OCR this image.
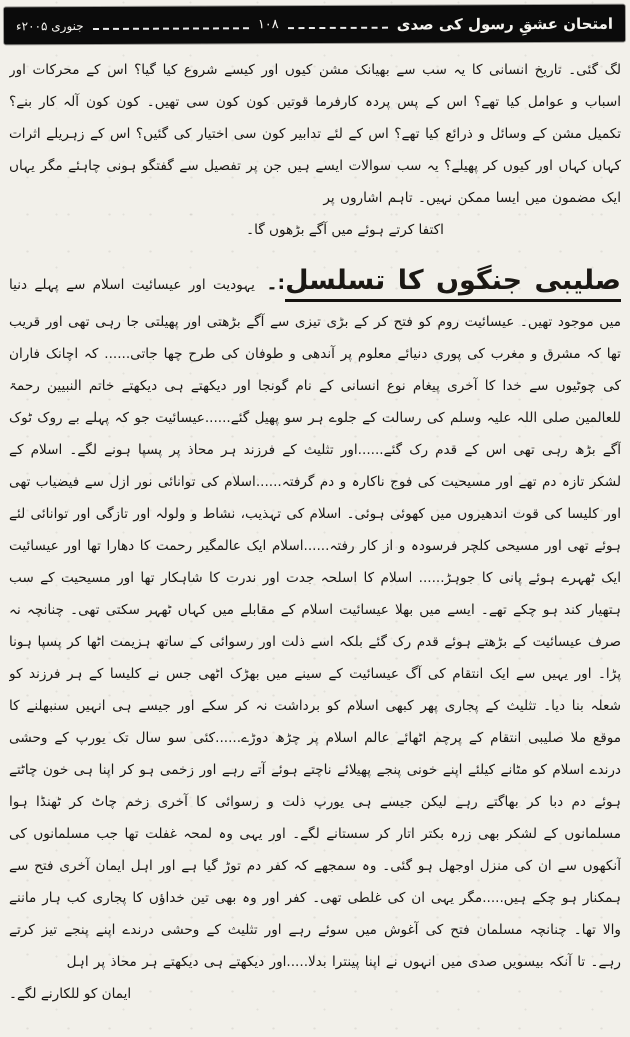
امتحان عشقِ رسول کی صدی
۱۰۸
جنوری ۲۰۰۵ء
لگ گئی۔ تاریخ انسانی کا یہ سب سے بھیانک مشن کیوں اور کیسے شروع کیا گیا؟ اس کے محرکات اور اسباب و عوامل کیا تھے؟ اس کے پس پردہ کارفرما قوتیں کون کون سی تھیں۔ کون کون آلہ کار بنے؟ تکمیل مشن کے وسائل و ذرائع کیا تھے؟ اس کے لئے تدابیر کون سی اختیار کی گئیں؟ اس کے زہریلے اثرات کہاں کہاں اور کیوں کر پھیلے؟ یہ سب سوالات ایسے ہیں جن پر تفصیل سے گفتگو ہونی چاہئے مگر یہاں ایک مضمون میں ایسا ممکن نہیں۔ تاہم اشاروں پر
اکتفا کرتے ہوئے میں آگے بڑھوں گا۔
صلیبی جنگوں کا تسلسل:۔ یہودیت اور عیسائیت اسلام سے پہلے دنیا میں موجود تھیں۔ عیسائیت روم کو فتح کر کے بڑی تیزی سے آگے بڑھتی اور پھیلتی جا رہی تھی اور قریب تھا کہ مشرق و مغرب کی پوری دنیائے معلوم پر آندھی و طوفان کی طرح چھا جاتی...... کہ اچانک فاران کی چوٹیوں سے خدا کا آخری پیغام نوع انسانی کے نام گونجا اور دیکھتے ہی دیکھتے خاتم النبیین رحمۃ للعالمین صلی اللہ علیہ وسلم کی رسالت کے جلوے ہر سو پھیل گئے......عیسائیت جو کہ پہلے بے روک ٹوک آگے بڑھ رہی تھی اس کے قدم رک گئے......اور تثلیث کے فرزند ہر محاذ پر پسپا ہونے لگے۔ اسلام کے لشکر تازہ دم تھے اور مسیحیت کی فوج ناکارہ و دم گرفتہ......اسلام کی توانائی نور ازل سے فیضیاب تھی اور کلیسا کی قوت اندھیروں میں کھوئی ہوئی۔ اسلام کی تہذیب، نشاط و ولولہ اور تازگی اور توانائی لئے ہوئے تھی اور مسیحی کلچر فرسودہ و از کار رفتہ......اسلام ایک عالمگیر رحمت کا دھارا تھا اور عیسائیت ایک ٹھہرے ہوئے پانی کا جوہڑ...... اسلام کا اسلحہ جدت اور ندرت کا شاہکار تھا اور مسیحیت کے سب ہتھیار کند ہو چکے تھے۔ ایسے میں بھلا عیسائیت اسلام کے مقابلے میں کہاں ٹھہر سکتی تھی۔ چنانچہ نہ صرف عیسائیت کے بڑھتے ہوئے قدم رک گئے بلکہ اسے ذلت اور رسوائی کے ساتھ ہزیمت اٹھا کر پسپا ہونا پڑا۔ اور یہیں سے ایک انتقام کی آگ عیسائیت کے سینے میں بھڑک اٹھی جس نے کلیسا کے ہر فرزند کو شعلہ بنا دیا۔ تثلیث کے پجاری پھر کبھی اسلام کو برداشت نہ کر سکے اور جیسے ہی انہیں سنبھلنے کا موقع ملا صلیبی انتقام کے پرچم اٹھائے عالم اسلام پر چڑھ دوڑے......کئی سو سال تک یورپ کے وحشی درندے اسلام کو مٹانے کیلئے اپنے خونی پنجے پھیلائے ناچتے ہوئے آتے رہے اور زخمی ہو کر اپنا ہی خون چاٹتے ہوئے دم دبا کر بھاگتے رہے لیکن جیسے ہی یورپ ذلت و رسوائی کا آخری زخم چاٹ کر ٹھنڈا ہوا مسلمانوں کے لشکر بھی زرہ بکتر اتار کر سستانے لگے۔ اور یہی وہ لمحہ غفلت تھا جب مسلمانوں کی آنکھوں سے ان کی منزل اوجھل ہو گئی۔ وہ سمجھے کہ کفر دم توڑ گیا ہے اور اہل ایمان آخری فتح سے ہمکنار ہو چکے ہیں.....مگر یہی ان کی غلطی تھی۔ کفر اور وہ بھی تین خداؤں کا پجاری کب ہار ماننے والا تھا۔ چنانچہ مسلمان فتح کی آغوش میں سوئے رہے اور تثلیث کے وحشی درندے اپنے پنجے تیز کرتے رہے۔ تا آنکہ بیسویں صدی میں انہوں نے اپنا پینترا بدلا.....اور دیکھتے ہی دیکھتے ہر محاذ پر اہل
ایمان کو للکارنے لگے۔
